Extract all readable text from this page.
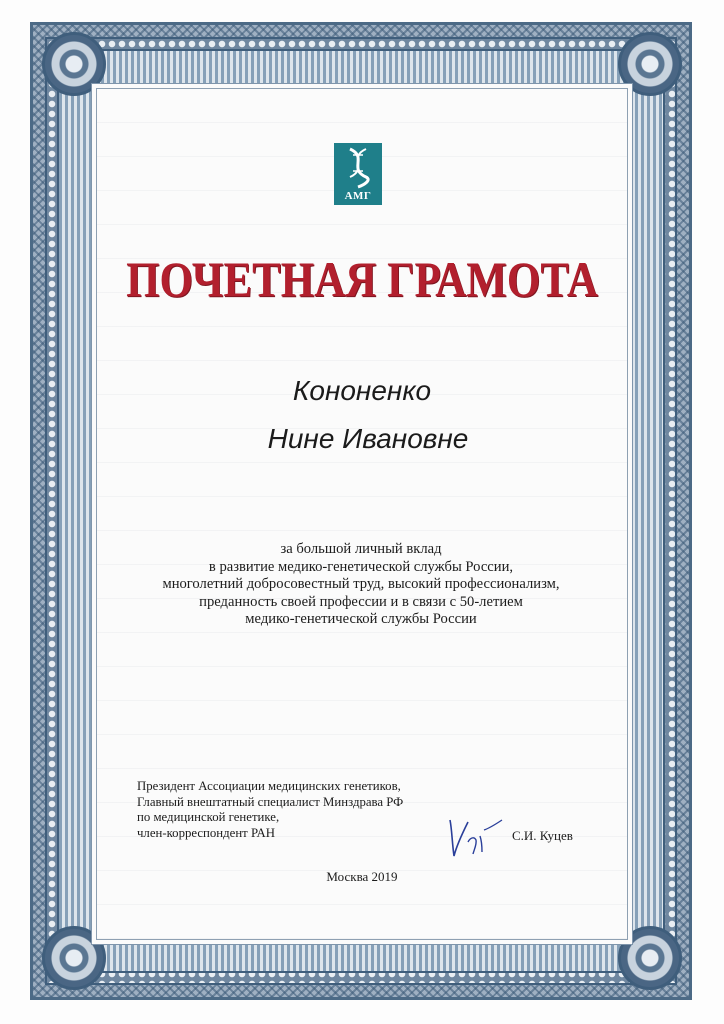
АМГ
ПОЧЕТНАЯ ГРАМОТА
Кононенко
Нине Ивановне
за большой личный вклад
в развитие медико-генетической службы России,
многолетний добросовестный труд, высокий профессионализм,
преданность своей профессии и в связи с 50-летием
медико-генетической службы России
Президент Ассоциации медицинских генетиков,
Главный внештатный специалист Минздрава РФ
по медицинской генетике,
член-корреспондент РАН	С.И. Куцев
Москва 2019
